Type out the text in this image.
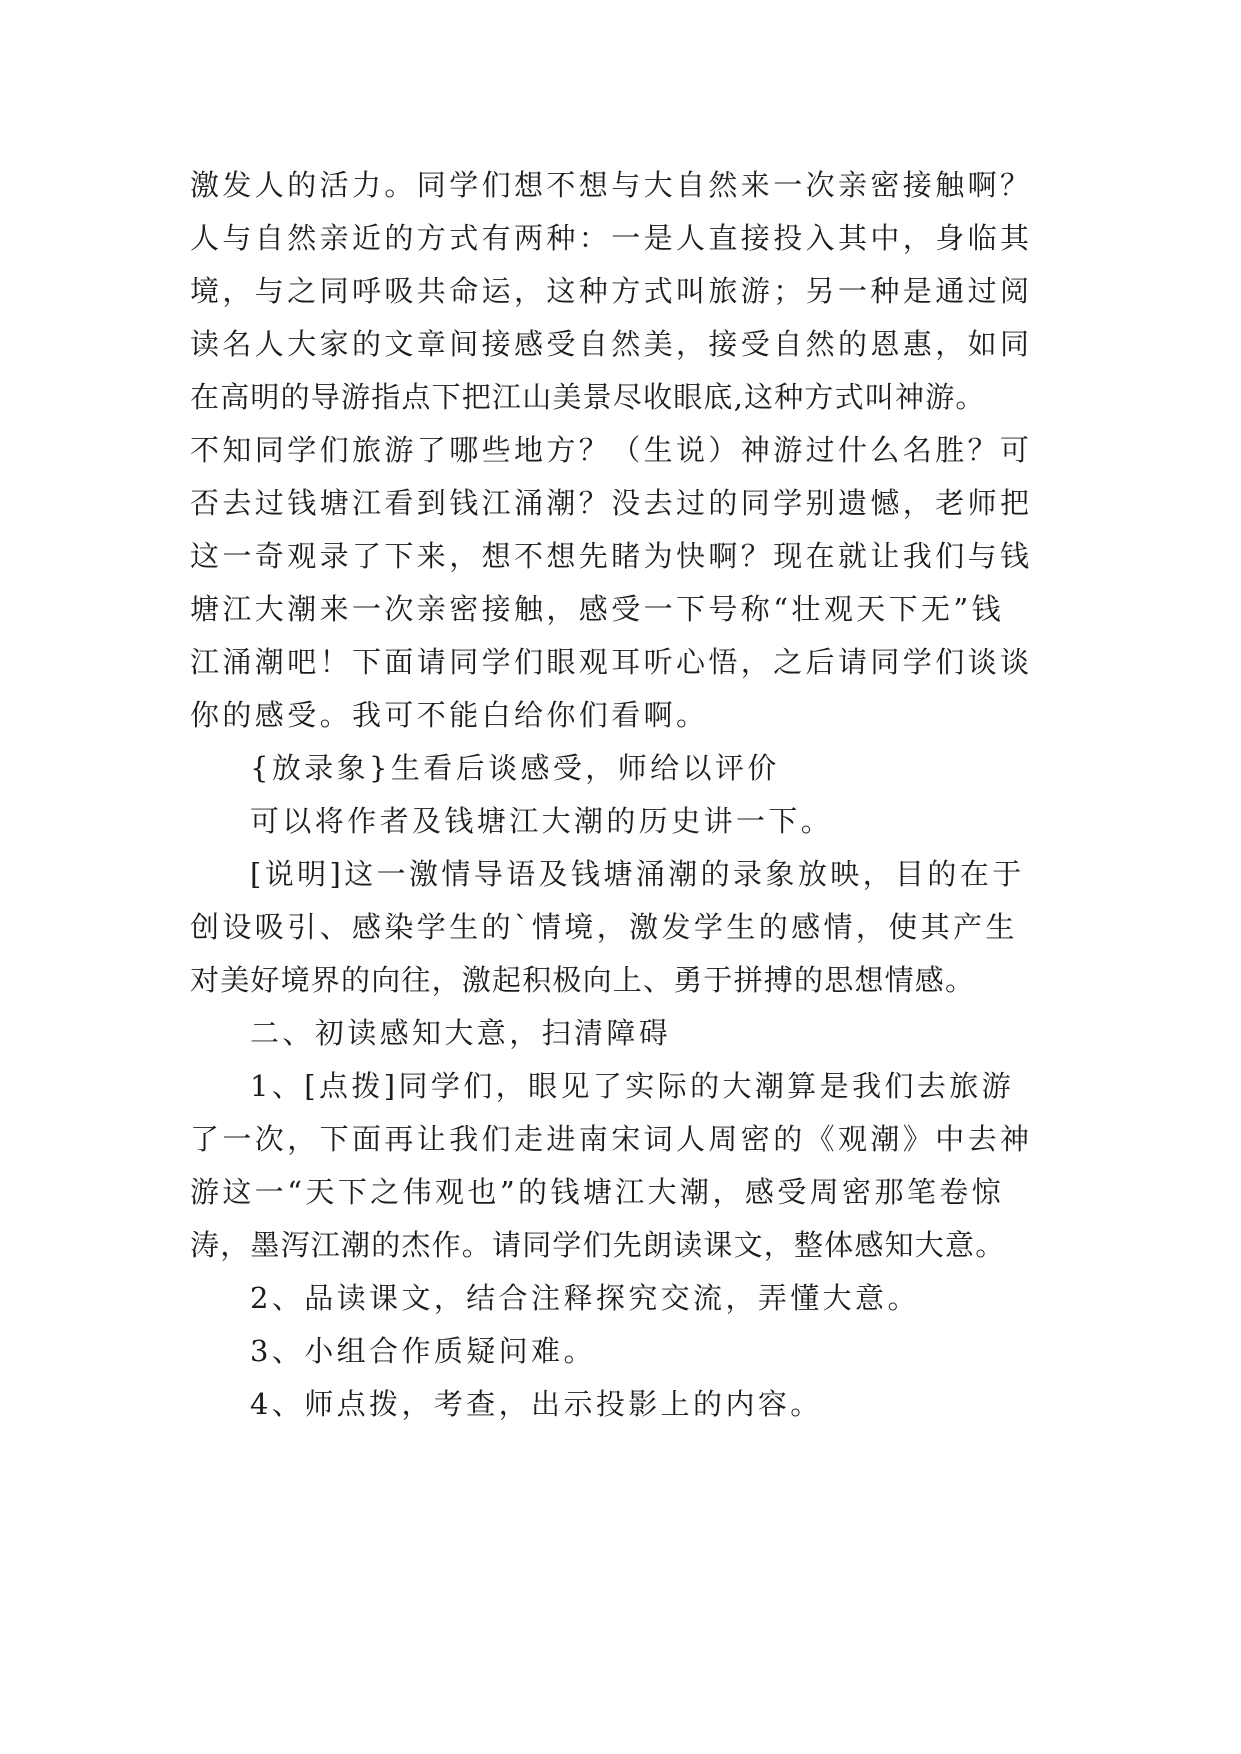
激发人的活力。同学们想不想与大自然来一次亲密接触啊？
人与自然亲近的方式有两种：一是人直接投入其中，身临其
境，与之同呼吸共命运，这种方式叫旅游；另一种是通过阅
读名人大家的文章间接感受自然美，接受自然的恩惠，如同
在高明的导游指点下把江山美景尽收眼底,这种方式叫神游。
不知同学们旅游了哪些地方？（生说）神游过什么名胜？可
否去过钱塘江看到钱江涌潮？没去过的同学别遗憾，老师把
这一奇观录了下来，想不想先睹为快啊？现在就让我们与钱
塘江大潮来一次亲密接触，感受一下号称“壮观天下无”钱
江涌潮吧！下面请同学们眼观耳听心悟，之后请同学们谈谈
你的感受。我可不能白给你们看啊。
{放录象}生看后谈感受，师给以评价
可以将作者及钱塘江大潮的历史讲一下。
[说明]这一激情导语及钱塘涌潮的录象放映，目的在于
创设吸引、感染学生的`情境，激发学生的感情，使其产生
对美好境界的向往，激起积极向上、勇于拼搏的思想情感。
二、初读感知大意，扫清障碍
1、[点拨]同学们，眼见了实际的大潮算是我们去旅游
了一次，下面再让我们走进南宋词人周密的《观潮》中去神
游这一“天下之伟观也”的钱塘江大潮，感受周密那笔卷惊
涛，墨泻江潮的杰作。请同学们先朗读课文，整体感知大意。
2、品读课文，结合注释探究交流，弄懂大意。
3、小组合作质疑问难。
4、师点拨，考查，出示投影上的内容。
